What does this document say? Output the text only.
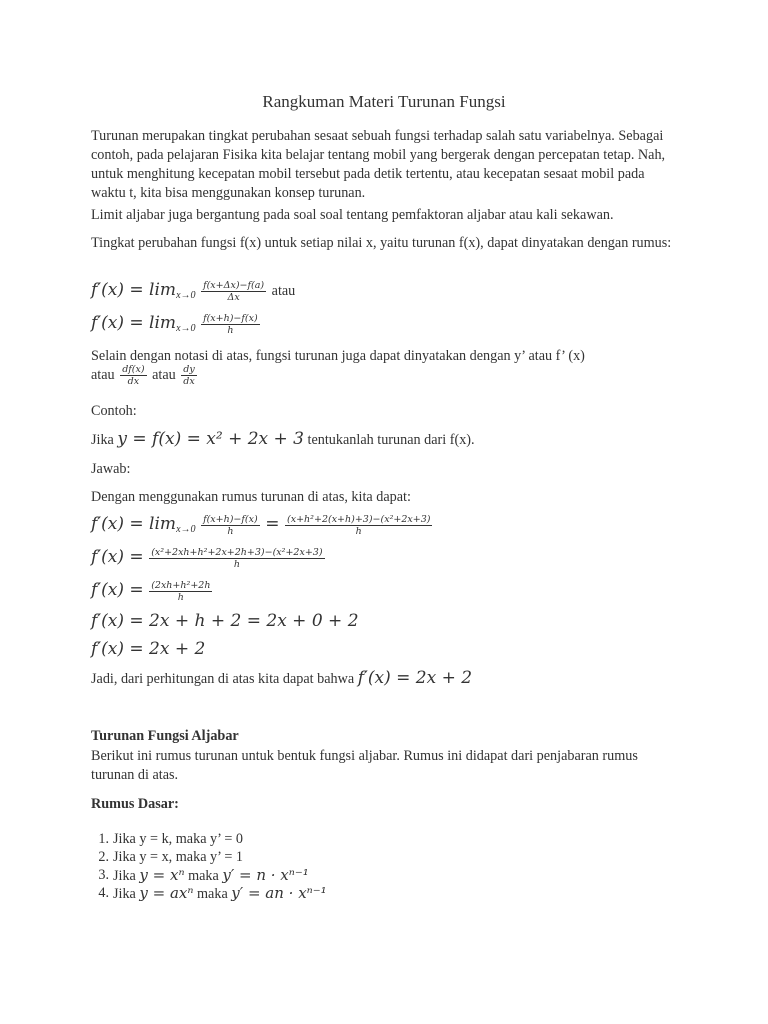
Rangkuman Materi Turunan Fungsi
Turunan merupakan tingkat perubahan sesaat sebuah fungsi terhadap salah satu variabelnya. Sebagai contoh, pada pelajaran Fisika kita belajar tentang mobil yang bergerak dengan percepatan tetap. Nah, untuk menghitung kecepatan mobil tersebut pada detik tertentu, atau kecepatan sesaat mobil pada waktu t, kita bisa menggunakan konsep turunan.
Limit aljabar juga bergantung pada soal soal tentang pemfaktoran aljabar atau kali sekawan.
Tingkat perubahan fungsi f(x) untuk setiap nilai x, yaitu turunan f(x), dapat dinyatakan dengan rumus:
$f'(x) = \lim_{x\to 0} \frac{f(x+\Delta x)-f(a)}{\Delta x}$ atau
$f'(x) = \lim_{x\to 0} \frac{f(x+h)-f(x)}{h}$
Selain dengan notasi di atas, fungsi turunan juga dapat dinyatakan dengan y’ atau f’ (x)
atau $\frac{df(x)}{dx}$ atau $\frac{dy}{dx}$
Contoh:
Jika y = f(x) = x² + 2x + 3 tentukanlah turunan dari f(x).
Jawab:
Dengan menggunakan rumus turunan di atas, kita dapat:
$f'(x) = \lim_{x\to 0} \frac{f(x+h)-f(x)}{h} = \frac{\text{(x+h²+2(x+h)+3)−(x²+2x+3)}}{h}$
$f'(x) = \frac{\text{(x²+2xh+h²+2x+2h+3)−(x²+2x+3)}}{h}$
$f'(x) = \frac{\text{(2xh+h²+2h}}{h}$
f′(x) = 2x + h + 2 = 2x + 0 + 2
f′(x) = 2x + 2
Jadi, dari perhitungan di atas kita dapat bahwa f′(x) = 2x + 2
Turunan Fungsi Aljabar
Berikut ini rumus turunan untuk bentuk fungsi aljabar. Rumus ini didapat dari penjabaran rumus turunan di atas.
Rumus Dasar:
1. Jika y = k, maka y’ = 0
2. Jika y = x, maka y’ = 1
3. Jika y = xⁿ maka y′ = n · xⁿ⁻¹
4. Jika y = axⁿ maka y′ = an · xⁿ⁻¹
